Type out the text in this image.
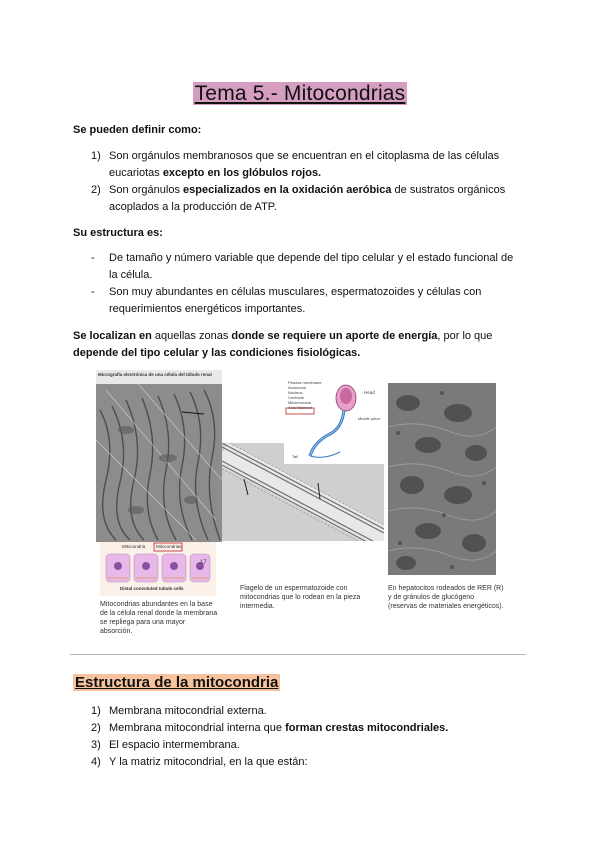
Tema 5.- Mitocondrias
Se pueden definir como:
1) Son orgánulos membranosos que se encuentran en el citoplasma de las células
eucariotas excepto en los glóbulos rojos.
2) Son orgánulos especializados en la oxidación aeróbica de sustratos orgánicos
acoplados a la producción de ATP.
Su estructura es:
- De tamaño y número variable que depende del tipo celular y el estado funcional de
la célula.
- Son muy abundantes en células musculares, espermatozoides y células con
requerimientos energéticos importantes.
Se localizan en aquellas zonas donde se requiere un aporte de energía, por lo que
depende del tipo celular y las condiciones fisiológicas.
Micrografía electrónica de una célula del túbulo renal
Mitocondria Mitocondrias
Distal convoluted tubule cells
17
Mitocondrias abundantes en la base de la célula renal donde la membrana se repliega para una mayor absorción.
Plasma membrane
Acrosome
Nucleus
Centriole
Mitochondria
Axial filament
Head
Middle piece
Tail
Flagelo de un espermatozoide con mitocondrias que lo rodean en la pieza intermedia.
En hepatocitos rodeados de RER (R) y de gránulos de glucógeno (reservas de materiales energéticos).
Estructura de la mitocondria
1) Membrana mitocondrial externa.
2) Membrana mitocondrial interna que forman crestas mitocondriales.
3) El espacio intermembrana.
4) Y la matriz mitocondrial, en la que están:
